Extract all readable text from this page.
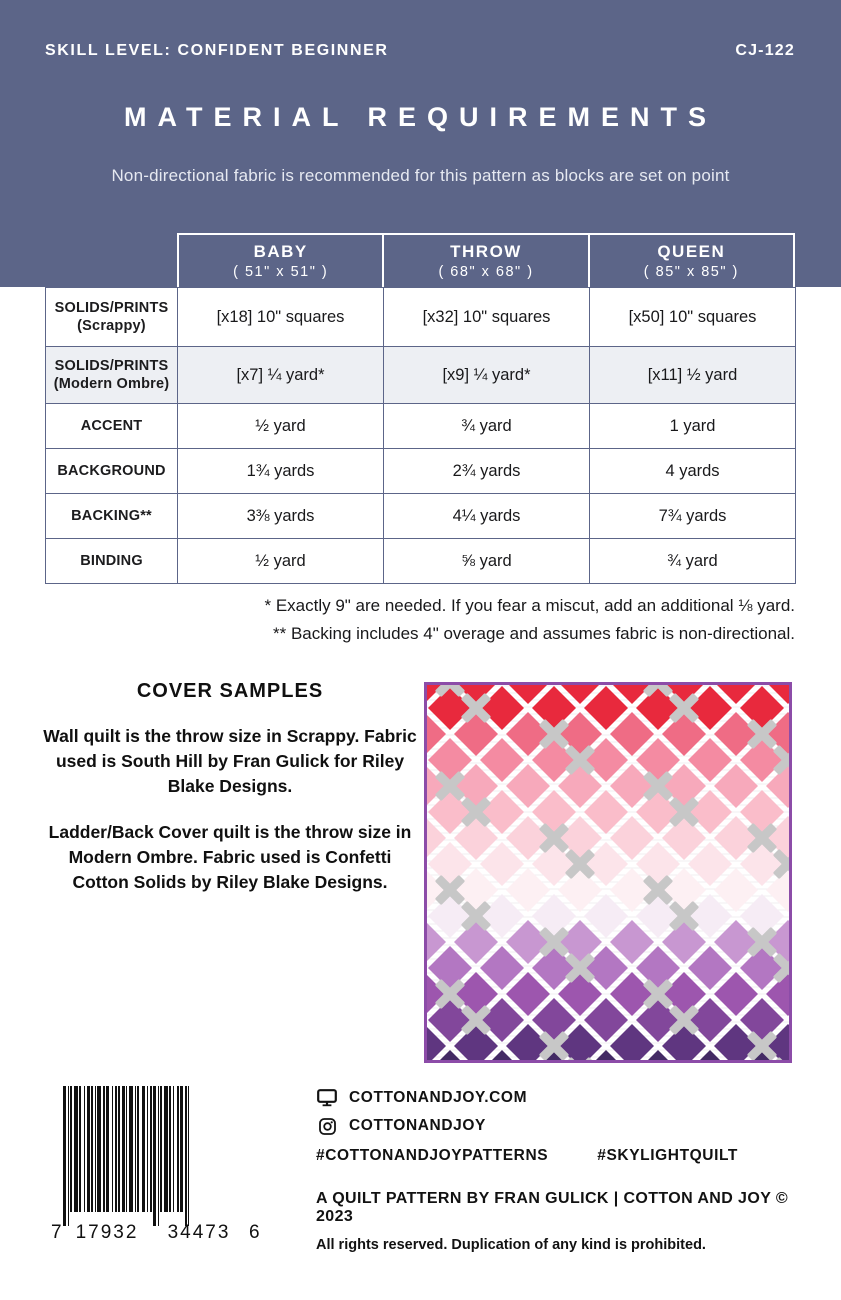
SKILL LEVEL: CONFIDENT BEGINNER	CJ-122
MATERIAL REQUIREMENTS
Non-directional fabric is recommended for this pattern as blocks are set on point
BABY
( 51" x 51" )
THROW
( 68" x 68" )
QUEEN
( 85" x 85" )
SOLIDS/PRINTS
(Scrappy)	[x18] 10" squares	[x32] 10" squares	[x50] 10" squares

SOLIDS/PRINTS
(Modern Ombre)	[x7] ¼ yard*	[x9] ¼ yard*	[x11] ½ yard

ACCENT	½ yard	¾ yard	1 yard

BACKGROUND	1¾ yards	2¾ yards	4 yards

BACKING**	3⅜ yards	4¼ yards	7¾ yards

BINDING	½ yard	⅝ yard	¾ yard
* Exactly 9" are needed. If you fear a miscut, add an additional ⅛ yard.
** Backing includes 4" overage and assumes fabric is non-directional.
COVER SAMPLES

Wall quilt is the throw size in Scrappy. Fabric used is South Hill by Fran Gulick for Riley Blake Designs.

Ladder/Back Cover quilt is the throw size in Modern Ombre. Fabric used is Confetti Cotton Solids by Riley Blake Designs.

7 17932 34473 6
COTTONANDJOY.COM
COTTONANDJOY
#COTTONANDJOYPATTERNS	#SKYLIGHTQUILT
A QUILT PATTERN BY FRAN GULICK | COTTON AND JOY © 2023
All rights reserved. Duplication of any kind is prohibited.
